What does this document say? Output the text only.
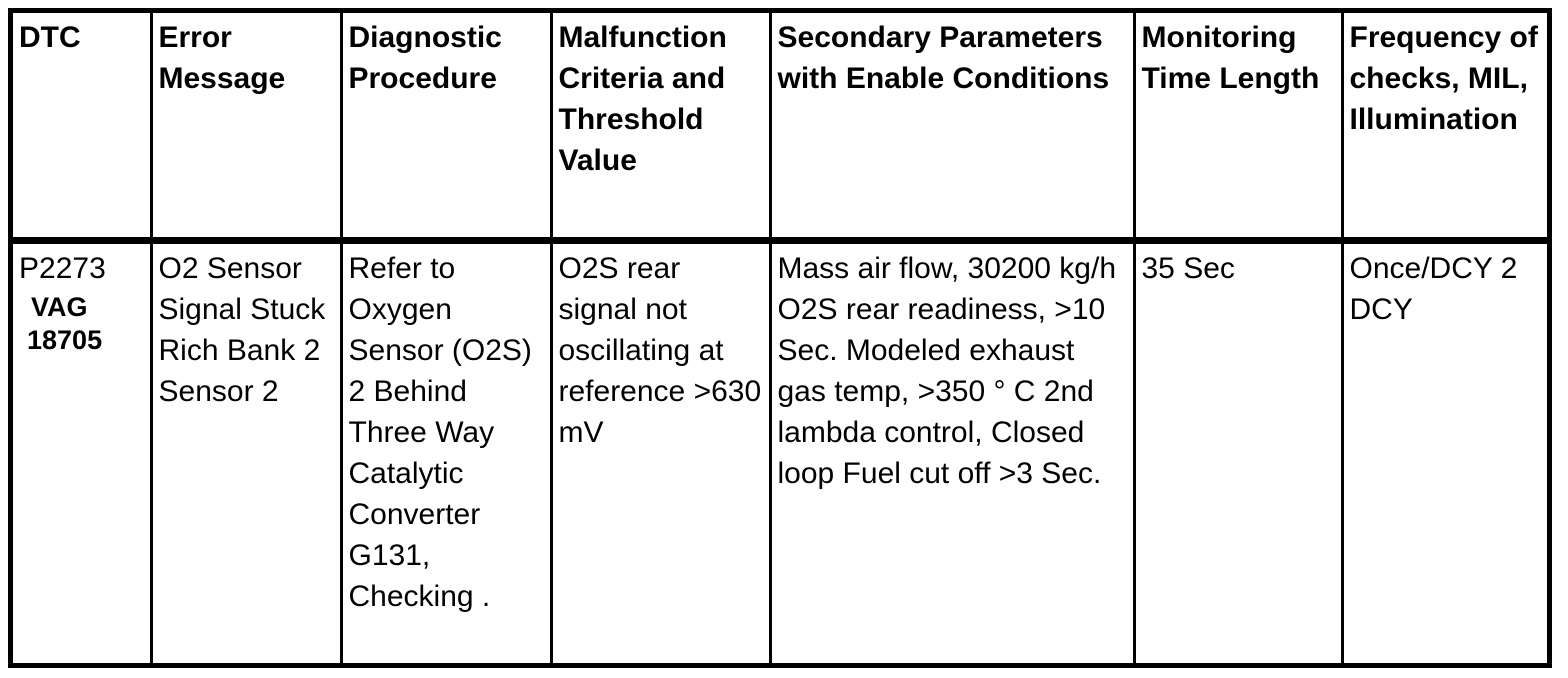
DTC	Error Message	Diagnostic Procedure	Malfunction Criteria and Threshold Value	Secondary Parameters with Enable Conditions	Monitoring Time Length	Frequency of checks, MIL, Illumination

P2273
VAG
18705	O2 Sensor Signal Stuck Rich Bank 2 Sensor 2	Refer to Oxygen Sensor (O2S) 2 Behind Three Way Catalytic Converter G131, Checking .	O2S rear signal not oscillating at reference >630 mV	Mass air flow, 30200 kg/h O2S rear readiness, >10 Sec. Modeled exhaust gas temp, >350 ° C 2nd lambda control, Closed loop Fuel cut off >3 Sec.	35 Sec	Once/DCY 2 DCY
